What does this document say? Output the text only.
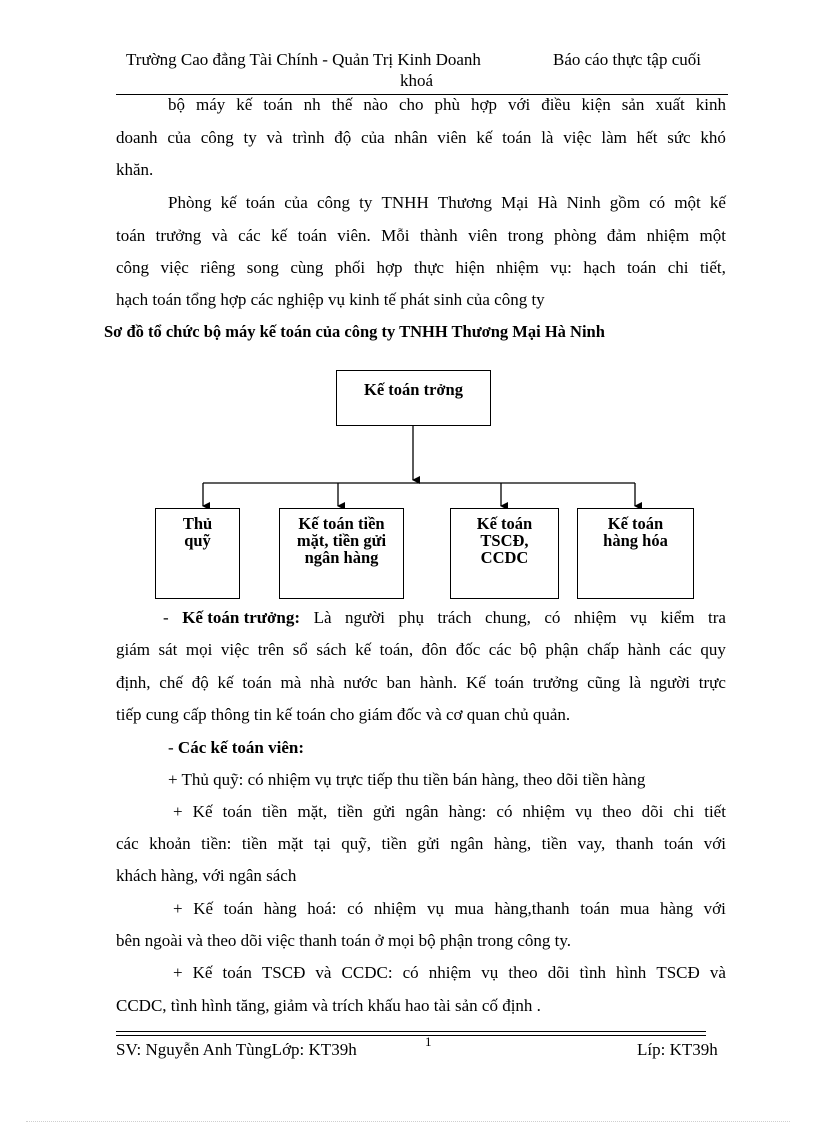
Trường Cao đẳng Tài Chính - Quản Trị Kinh Doanh	Báo cáo thực tập cuối
khoá
bộ máy kế toán nh thế nào cho phù hợp với điều kiện sản xuất kinh
doanh của công ty và trình độ của nhân viên kế toán là việc làm hết sức khó
khăn.
Phòng kế toán của công ty TNHH Thương Mại Hà Ninh gồm có một kế
toán trưởng và các kế toán viên. Mỗi thành viên trong phòng đảm nhiệm một
công việc riêng song cùng phối hợp thực hiện nhiệm vụ: hạch toán chi tiết,
hạch toán tổng hợp các nghiệp vụ kinh tế phát sinh của công ty
Sơ đồ tổ chức bộ máy kế toán của công ty TNHH Thương Mại Hà Ninh
Kế toán trởng
Thủ
quỹ
Kế toán tiền
mặt, tiền gửi
ngân hàng
Kế toán
TSCĐ,
CCDC
Kế toán
hàng hóa
- Kế toán trưởng: Là người phụ trách chung, có nhiệm vụ kiểm tra
giám sát mọi việc trên sổ sách kế toán, đôn đốc các bộ phận chấp hành các quy
định, chế độ kế toán mà nhà nước ban hành. Kế toán trưởng cũng là người trực
tiếp cung cấp thông tin kế toán cho giám đốc và cơ quan chủ quản.
- Các kế toán viên:
+ Thủ quỹ: có nhiệm vụ trực tiếp thu tiền bán hàng, theo dõi tiền hàng
+ Kế toán tiền mặt, tiền gửi ngân hàng: có nhiệm vụ theo dõi chi tiết
các khoản tiền: tiền mặt tại quỹ, tiền gửi ngân hàng, tiền vay, thanh toán với
khách hàng, với ngân sách
+ Kế toán hàng hoá: có nhiệm vụ mua hàng,thanh toán mua hàng với
bên ngoài và theo dõi việc thanh toán ở mọi bộ phận trong công ty.
+ Kế toán TSCĐ và CCDC: có nhiệm vụ theo dõi tình hình TSCĐ và
CCDC, tình hình tăng, giảm và trích khấu hao tài sản cố định .
SV: Nguyễn Anh TùngLớp: KT39h	1	Líp: KT39h
